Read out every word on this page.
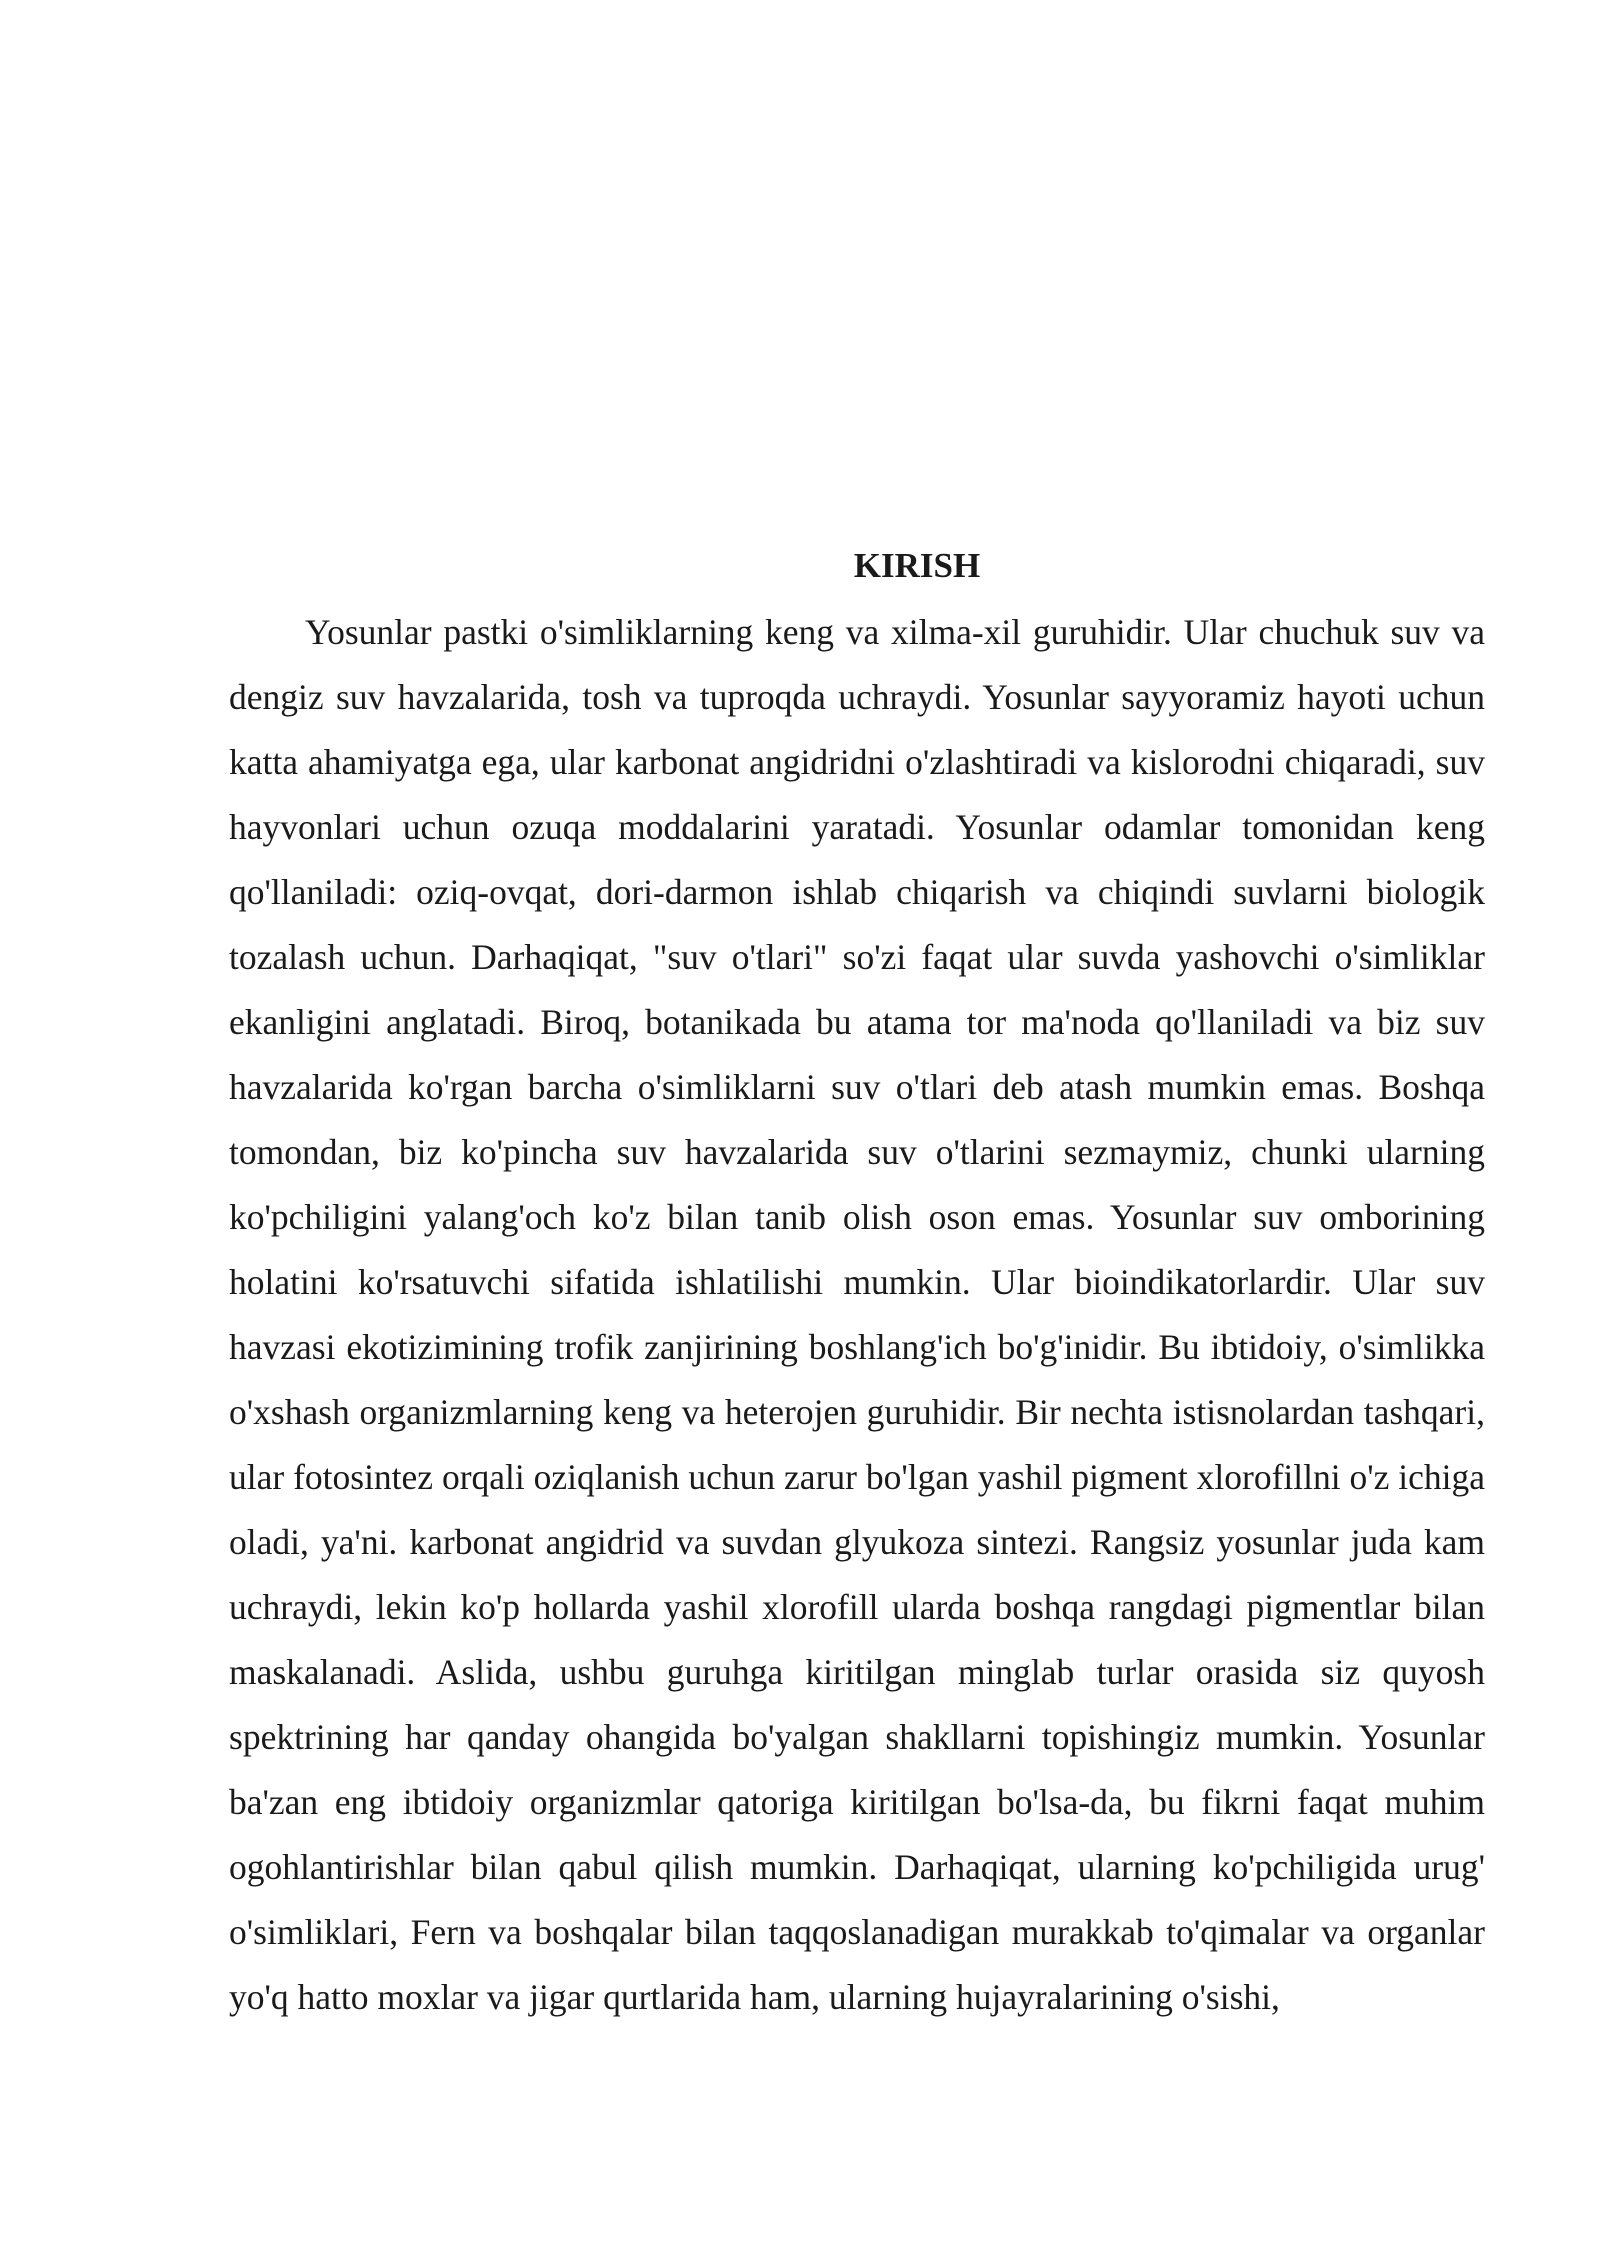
KIRISH

Yosunlar pastki o'simliklarning keng va xilma-xil guruhidir. Ular chuchuk suv va dengiz suv havzalarida, tosh va tuproqda uchraydi. Yosunlar sayyoramiz hayoti uchun katta ahamiyatga ega, ular karbonat angidridni o'zlashtiradi va kislorodni chiqaradi, suv hayvonlari uchun ozuqa moddalarini yaratadi. Yosunlar odamlar tomonidan keng qo'llaniladi: oziq-ovqat, dori-darmon ishlab chiqarish va chiqindi suvlarni biologik tozalash uchun. Darhaqiqat, "suv o'tlari" so'zi faqat ular suvda yashovchi o'simliklar ekanligini anglatadi. Biroq, botanikada bu atama tor ma'noda qo'llaniladi va biz suv havzalarida ko'rgan barcha o'simliklarni suv o'tlari deb atash mumkin emas. Boshqa tomondan, biz ko'pincha suv havzalarida suv o'tlarini sezmaymiz, chunki ularning ko'pchiligini yalang'och ko'z bilan tanib olish oson emas. Yosunlar suv omborining holatini ko'rsatuvchi sifatida ishlatilishi mumkin. Ular bioindikatorlardir. Ular suv havzasi ekotizimining trofik zanjirining boshlang'ich bo'g'inidir. Bu ibtidoiy, o'simlikka o'xshash organizmlarning keng va heterojen guruhidir. Bir nechta istisnolardan tashqari, ular fotosintez orqali oziqlanish uchun zarur bo'lgan yashil pigment xlorofillni o'z ichiga oladi, ya'ni. karbonat angidrid va suvdan glyukoza sintezi. Rangsiz yosunlar juda kam uchraydi, lekin ko'p hollarda yashil xlorofill ularda boshqa rangdagi pigmentlar bilan maskalanadi. Aslida, ushbu guruhga kiritilgan minglab turlar orasida siz quyosh spektrining har qanday ohangida bo'yalgan shakllarni topishingiz mumkin. Yosunlar ba'zan eng ibtidoiy organizmlar qatoriga kiritilgan bo'lsa-da, bu fikrni faqat muhim ogohlantirishlar bilan qabul qilish mumkin. Darhaqiqat, ularning ko'pchiligida urug' o'simliklari, Fern va boshqalar bilan taqqoslanadigan murakkab to'qimalar va organlar yo'q hatto moxlar va jigar qurtlarida ham, ularning hujayralarining o'sishi,
